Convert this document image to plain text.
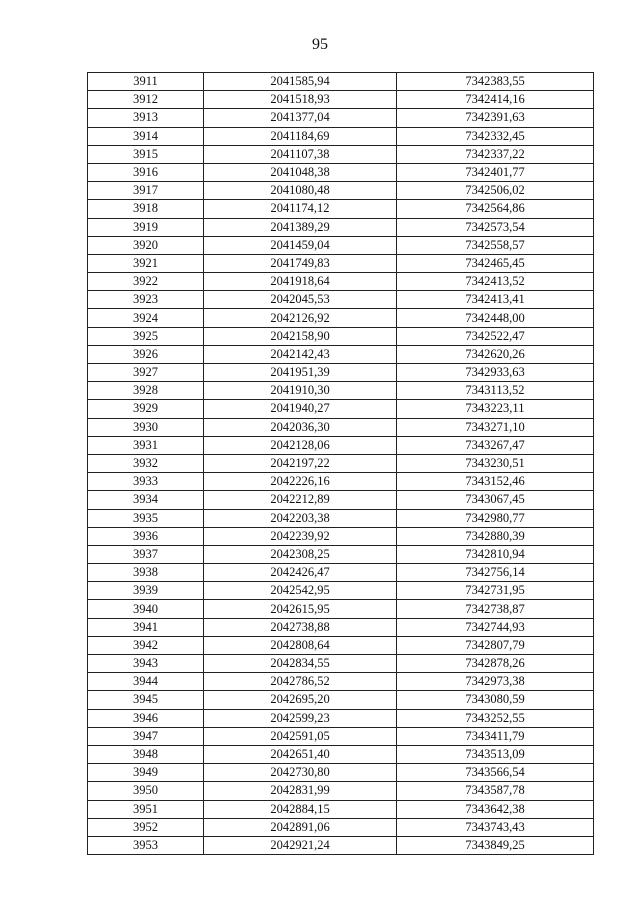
95
3911	2041585,94	7342383,55
3912	2041518,93	7342414,16
3913	2041377,04	7342391,63
3914	2041184,69	7342332,45
3915	2041107,38	7342337,22
3916	2041048,38	7342401,77
3917	2041080,48	7342506,02
3918	2041174,12	7342564,86
3919	2041389,29	7342573,54
3920	2041459,04	7342558,57
3921	2041749,83	7342465,45
3922	2041918,64	7342413,52
3923	2042045,53	7342413,41
3924	2042126,92	7342448,00
3925	2042158,90	7342522,47
3926	2042142,43	7342620,26
3927	2041951,39	7342933,63
3928	2041910,30	7343113,52
3929	2041940,27	7343223,11
3930	2042036,30	7343271,10
3931	2042128,06	7343267,47
3932	2042197,22	7343230,51
3933	2042226,16	7343152,46
3934	2042212,89	7343067,45
3935	2042203,38	7342980,77
3936	2042239,92	7342880,39
3937	2042308,25	7342810,94
3938	2042426,47	7342756,14
3939	2042542,95	7342731,95
3940	2042615,95	7342738,87
3941	2042738,88	7342744,93
3942	2042808,64	7342807,79
3943	2042834,55	7342878,26
3944	2042786,52	7342973,38
3945	2042695,20	7343080,59
3946	2042599,23	7343252,55
3947	2042591,05	7343411,79
3948	2042651,40	7343513,09
3949	2042730,80	7343566,54
3950	2042831,99	7343587,78
3951	2042884,15	7343642,38
3952	2042891,06	7343743,43
3953	2042921,24	7343849,25
